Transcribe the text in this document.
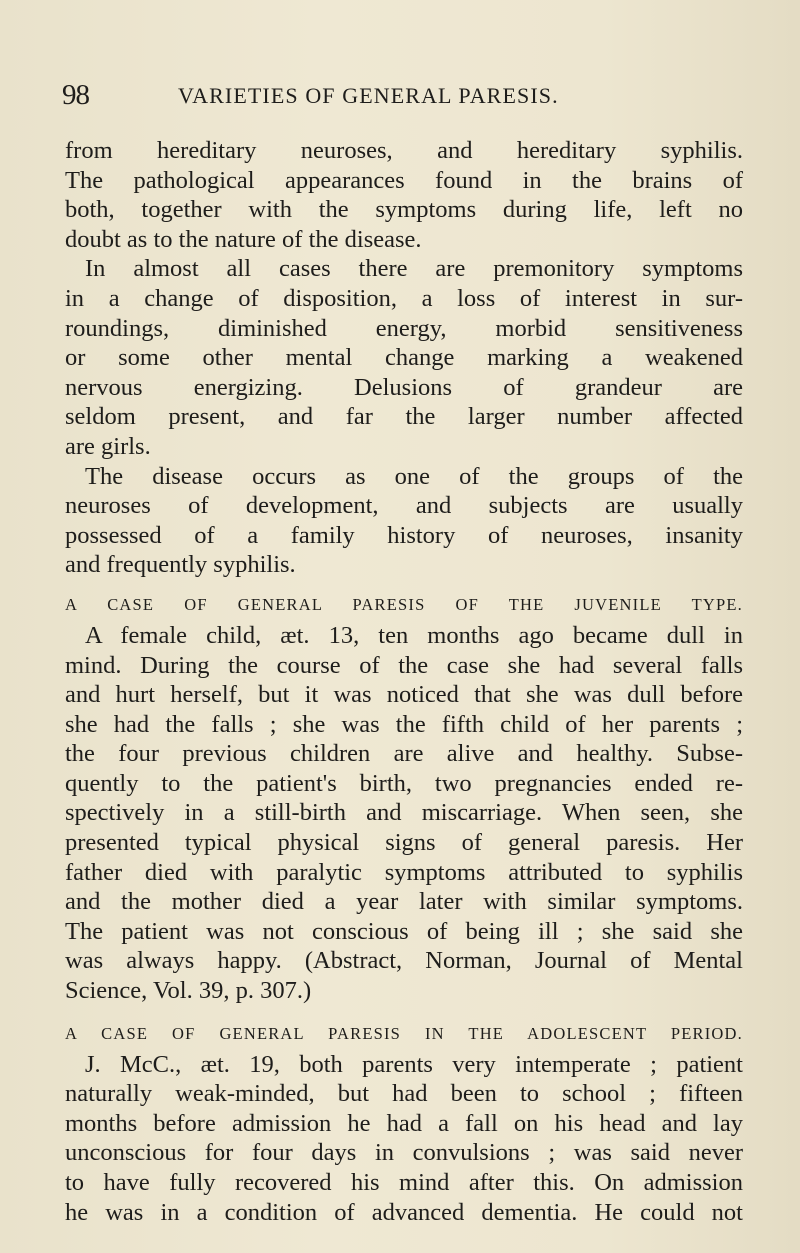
98	VARIETIES OF GENERAL PARESIS.
from hereditary neuroses, and hereditary syphilis.
The pathological appearances found in the brains of
both, together with the symptoms during life, left no
doubt as to the nature of the disease.
In almost all cases there are premonitory symptoms
in a change of disposition, a loss of interest in sur-
roundings, diminished energy, morbid sensitiveness
or some other mental change marking a weakened
nervous energizing. Delusions of grandeur are
seldom present, and far the larger number affected
are girls.
The disease occurs as one of the groups of the
neuroses of development, and subjects are usually
possessed of a family history of neuroses, insanity
and frequently syphilis.
A CASE OF GENERAL PARESIS OF THE JUVENILE TYPE.
A female child, æt. 13, ten months ago became dull in
mind. During the course of the case she had several falls
and hurt herself, but it was noticed that she was dull before
she had the falls ; she was the fifth child of her parents ;
the four previous children are alive and healthy. Subse-
quently to the patient's birth, two pregnancies ended re-
spectively in a still-birth and miscarriage. When seen, she
presented typical physical signs of general paresis. Her
father died with paralytic symptoms attributed to syphilis
and the mother died a year later with similar symptoms.
The patient was not conscious of being ill ; she said she
was always happy. (Abstract, Norman, Journal of Mental
Science, Vol. 39, p. 307.)
A CASE OF GENERAL PARESIS IN THE ADOLESCENT PERIOD.
J. McC., æt. 19, both parents very intemperate ; patient
naturally weak-minded, but had been to school ; fifteen
months before admission he had a fall on his head and lay
unconscious for four days in convulsions ; was said never
to have fully recovered his mind after this. On admission
he was in a condition of advanced dementia. He could not
